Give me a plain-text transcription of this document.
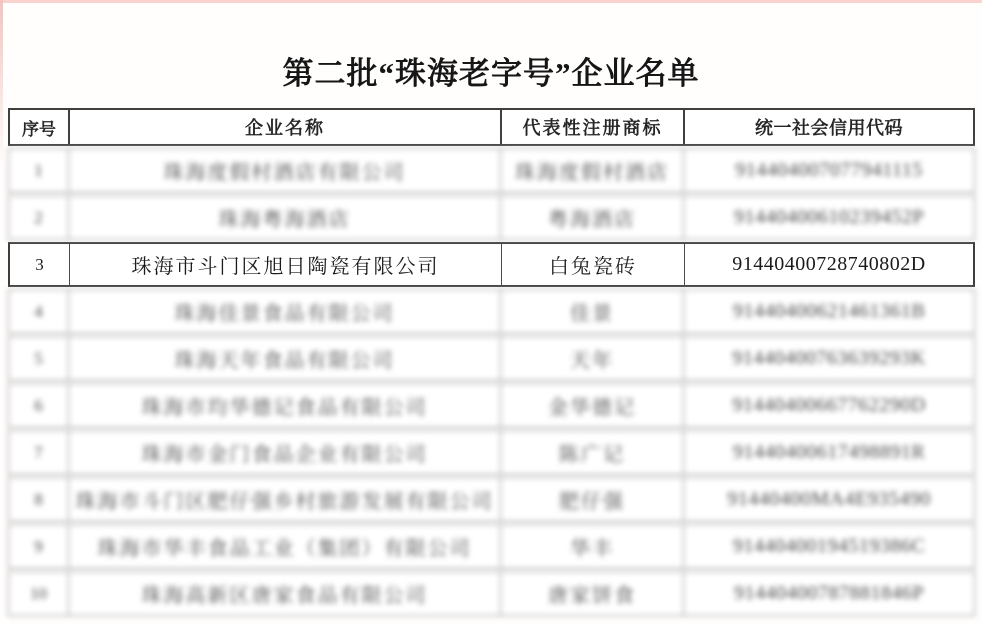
第二批“珠海老字号”企业名单
序号	企业名称	代表性注册商标	统一社会信用代码
1	珠海度假村酒店有限公司	珠海度假村酒店	914404007077941115
2	珠海粤海酒店	粤海酒店	91440400610239452P
3	珠海市斗门区旭日陶瓷有限公司	白兔瓷砖	91440400728740802D
4	珠海佳景食品有限公司	佳景	91440400621461361B
5	珠海天年食品有限公司	天年	91440400763639293K
6	珠海市均华德记食品有限公司	金华德记	91440400667762290D
7	珠海市金门食品企业有限公司	陈广记	91440400617498891R
8	珠海市斗门区肥仔强乡村旅游发展有限公司	肥仔强	91440400MA4E935490
9	珠海市华丰食品工业（集团）有限公司	华丰	91440400194519386C
10	珠海高新区唐家食品有限公司	唐家饼食	91440400787881846P
